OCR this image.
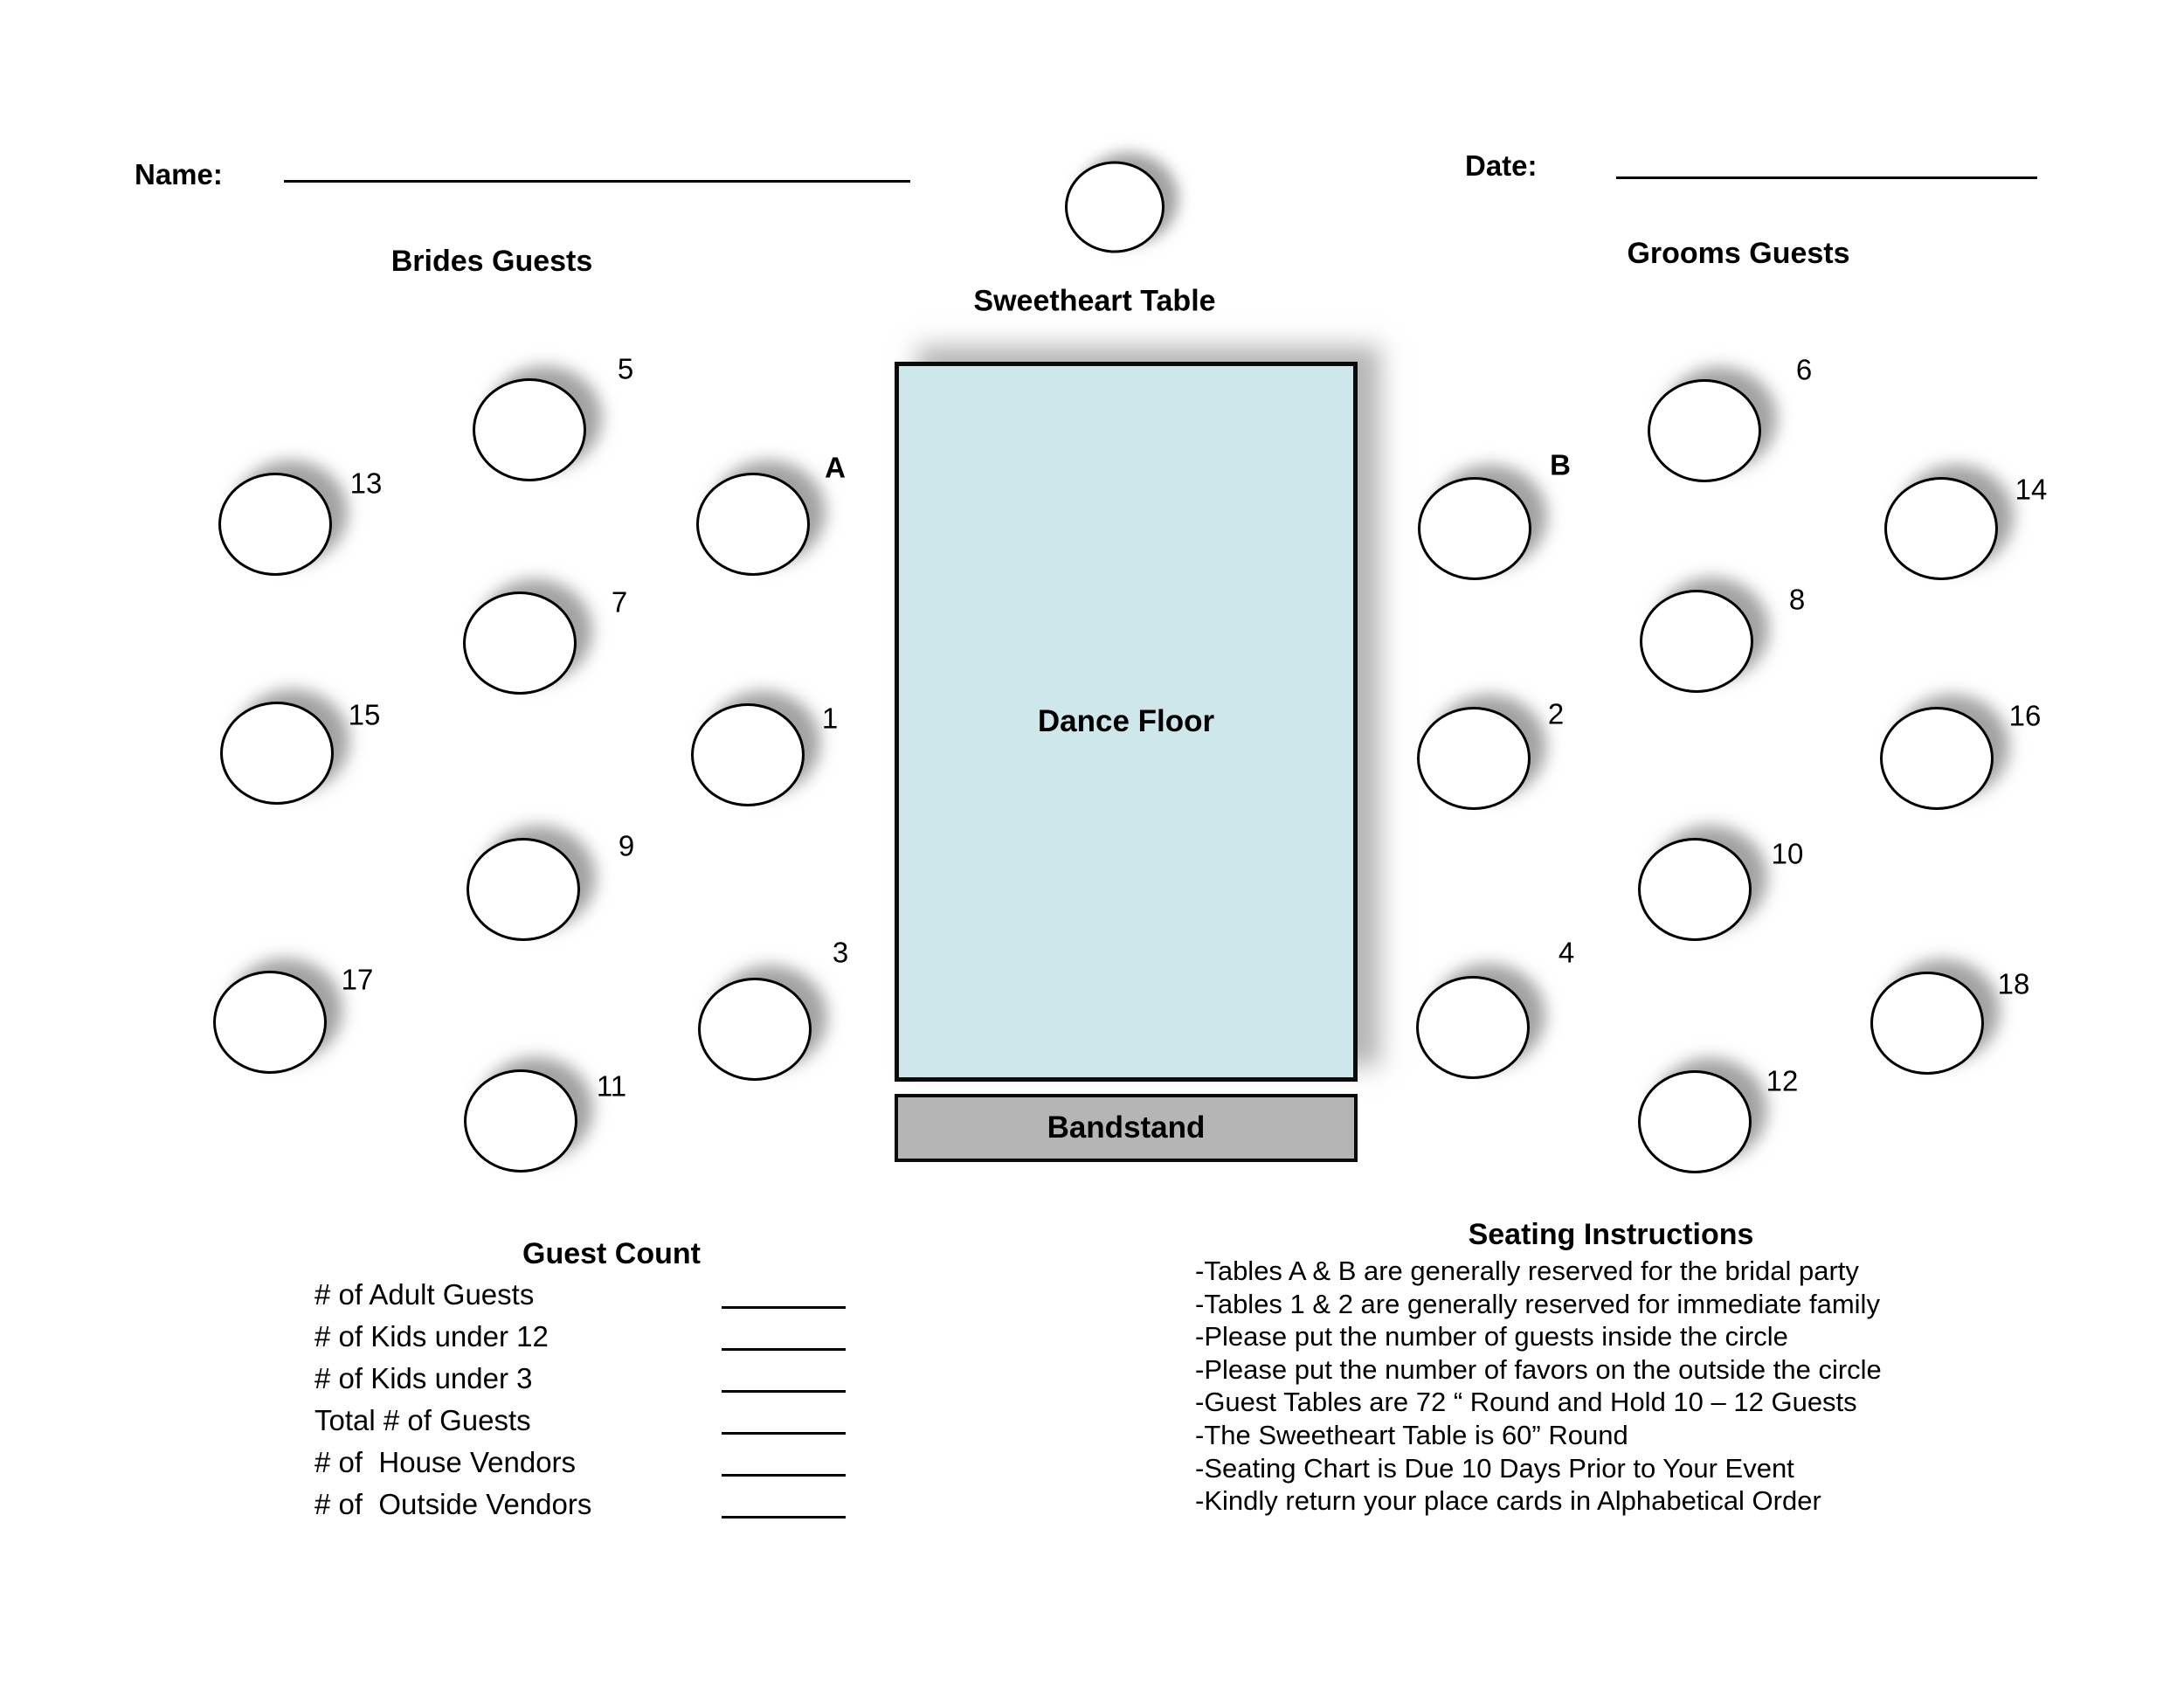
Name:	Date:
Brides Guests	Grooms Guests
Sweetheart Table
Dance Floor
Bandstand
5
13	A
7
15	1
9
3
17
11
B
6
14
8
2	16
10
4
18
12
Guest Count
# of Adult Guests
# of Kids under 12
# of Kids under 3
Total # of Guests
# of  House Vendors
# of  Outside Vendors
Seating Instructions
-Tables A & B are generally reserved for the bridal party
-Tables 1 & 2 are generally reserved for immediate family
-Please put the number of guests inside the circle
-Please put the number of favors on the outside the circle
-Guest Tables are 72 “ Round and Hold 10 – 12 Guests
-The Sweetheart Table is 60” Round
-Seating Chart is Due 10 Days Prior to Your Event
-Kindly return your place cards in Alphabetical Order
